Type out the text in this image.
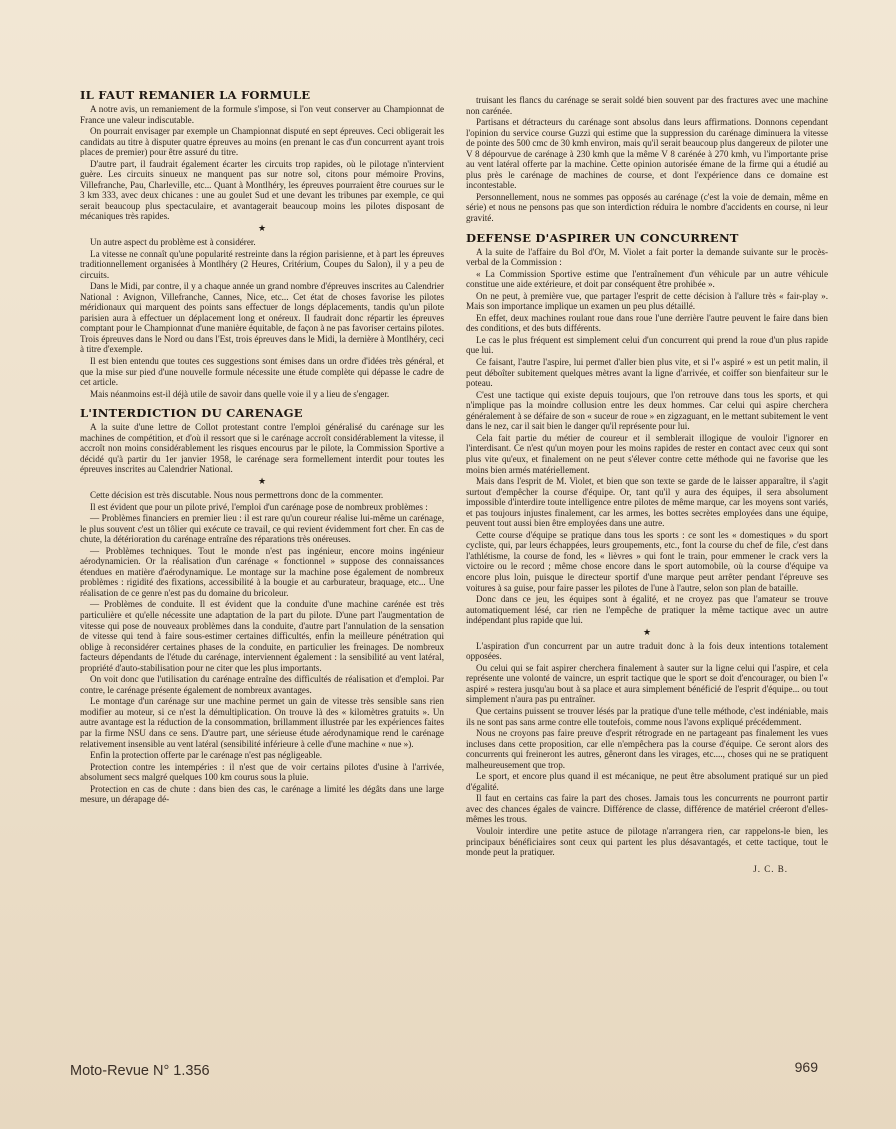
IL FAUT REMANIER LA FORMULE

A notre avis, un remaniement de la formule s'impose, si l'on veut conserver au Championnat de France une valeur indiscutable.

On pourrait envisager par exemple un Championnat disputé en sept épreuves. Ceci obligerait les candidats au titre à disputer quatre épreuves au moins (en prenant le cas d'un concurrent ayant trois places de premier) pour être assuré du titre.

D'autre part, il faudrait également écarter les circuits trop rapides, où le pilotage n'intervient guère. Les circuits sinueux ne manquent pas sur notre sol, citons pour mémoire Provins, Villefranche, Pau, Charleville, etc... Quant à Montlhéry, les épreuves pourraient être courues sur le 3 km 333, avec deux chicanes : une au goulet Sud et une devant les tribunes par exemple, ce qui serait beaucoup plus spectaculaire, et avantagerait beaucoup moins les pilotes disposant de mécaniques très rapides.

★

Un autre aspect du problème est à considérer.

La vitesse ne connaît qu'une popularité restreinte dans la région parisienne, et à part les épreuves traditionnellement organisées à Montlhéry (2 Heures, Critérium, Coupes du Salon), il y a peu de circuits.

Dans le Midi, par contre, il y a chaque année un grand nombre d'épreuves inscrites au Calendrier National : Avignon, Villefranche, Cannes, Nice, etc... Cet état de choses favorise les pilotes méridionaux qui marquent des points sans effectuer de longs déplacements, tandis qu'un pilote parisien aura à effectuer un déplacement long et onéreux. Il faudrait donc répartir les épreuves comptant pour le Championnat d'une manière équitable, de façon à ne pas favoriser certains pilotes. Trois épreuves dans le Nord ou dans l'Est, trois épreuves dans le Midi, la dernière à Montlhéry, ceci à titre d'exemple.

Il est bien entendu que toutes ces suggestions sont émises dans un ordre d'idées très général, et que la mise sur pied d'une nouvelle formule nécessite une étude complète qui dépasse le cadre de cet article.

Mais néanmoins est-il déjà utile de savoir dans quelle voie il y a lieu de s'engager.

L'INTERDICTION DU CARENAGE

A la suite d'une lettre de Collot protestant contre l'emploi généralisé du carénage sur les machines de compétition, et d'où il ressort que si le carénage accroît considérablement la vitesse, il accroît non moins considérablement les risques encourus par le pilote, la Commission Sportive a décidé qu'à partir du 1er janvier 1958, le carénage sera formellement interdit pour toutes les épreuves inscrites au Calendrier National.

★

Cette décision est très discutable. Nous nous permettrons donc de la commenter.

Il est évident que pour un pilote privé, l'emploi d'un carénage pose de nombreux problèmes :

— Problèmes financiers en premier lieu : il est rare qu'un coureur réalise lui-même un carénage, le plus souvent c'est un tôlier qui exécute ce travail, ce qui revient évidemment fort cher. En cas de chute, la détérioration du carénage entraîne des réparations très onéreuses.

— Problèmes techniques. Tout le monde n'est pas ingénieur, encore moins ingénieur aérodynamicien. Or la réalisation d'un carénage « fonctionnel » suppose des connaissances étendues en matière d'aérodynamique. Le montage sur la machine pose également de nombreux problèmes : rigidité des fixations, accessibilité à la bougie et au carburateur, braquage, etc... Une réalisation de ce genre n'est pas du domaine du bricoleur.

— Problèmes de conduite. Il est évident que la conduite d'une machine carénée est très particulière et qu'elle nécessite une adaptation de la part du pilote. D'une part l'augmentation de vitesse qui pose de nouveaux problèmes dans la conduite, d'autre part l'annulation de la sensation de vitesse qui tend à faire sous-estimer certaines difficultés, enfin la meilleure pénétration qui oblige à reconsidérer certaines phases de la conduite, en particulier les freinages. De nombreux facteurs dépendants de l'étude du carénage, interviennent également : la sensibilité au vent latéral, propriété d'auto-stabilisation pour ne citer que les plus importants.

On voit donc que l'utilisation du carénage entraîne des difficultés de réalisation et d'emploi. Par contre, le carénage présente également de nombreux avantages.

Le montage d'un carénage sur une machine permet un gain de vitesse très sensible sans rien modifier au moteur, si ce n'est la démultiplication. On trouve là des « kilomètres gratuits ». Un autre avantage est la réduction de la consommation, brillamment illustrée par les expériences faites par la firme NSU dans ce sens. D'autre part, une sérieuse étude aérodynamique rend le carénage relativement insensible au vent latéral (sensibilité inférieure à celle d'une machine « nue »).

Enfin la protection offerte par le carénage n'est pas négligeable.

Protection contre les intempéries : il n'est que de voir certains pilotes d'usine à l'arrivée, absolument secs malgré quelques 100 km courus sous la pluie.

Protection en cas de chute : dans bien des cas, le carénage a limité les dégâts dans une large mesure, un dérapage dé-

truisant les flancs du carénage se serait soldé bien souvent par des fractures avec une machine non carénée.

Partisans et détracteurs du carénage sont absolus dans leurs affirmations. Donnons cependant l'opinion du service course Guzzi qui estime que la suppression du carénage diminuera la vitesse de pointe des 500 cmc de 30 kmh environ, mais qu'il serait beaucoup plus dangereux de piloter une V 8 dépourvue de carénage à 230 kmh que la même V 8 carénée à 270 kmh, vu l'importante prise au vent latéral offerte par la machine. Cette opinion autorisée émane de la firme qui a étudié au plus près le carénage de machines de course, et dont l'expérience dans ce domaine est incontestable.

Personnellement, nous ne sommes pas opposés au carénage (c'est la voie de demain, même en série) et nous ne pensons pas que son interdiction réduira le nombre d'accidents en course, ni leur gravité.

DEFENSE D'ASPIRER UN CONCURRENT

A la suite de l'affaire du Bol d'Or, M. Violet a fait porter la demande suivante sur le procès-verbal de la Commission :

« La Commission Sportive estime que l'entraînement d'un véhicule par un autre véhicule constitue une aide extérieure, et doit par conséquent être prohibée ».

On ne peut, à première vue, que partager l'esprit de cette décision à l'allure très « fair-play ». Mais son importance implique un examen un peu plus détaillé.

En effet, deux machines roulant roue dans roue l'une derrière l'autre peuvent le faire dans bien des conditions, et des buts différents.

Le cas le plus fréquent est simplement celui d'un concurrent qui prend la roue d'un plus rapide que lui.

Ce faisant, l'autre l'aspire, lui permet d'aller bien plus vite, et si l'« aspiré » est un petit malin, il peut déboîter subitement quelques mètres avant la ligne d'arrivée, et coiffer son bienfaiteur sur le poteau.

C'est une tactique qui existe depuis toujours, que l'on retrouve dans tous les sports, et qui n'implique pas la moindre collusion entre les deux hommes. Car celui qui aspire cherchera généralement à se défaire de son « suceur de roue » en zigzaguant, en le mettant subitement le vent dans le nez, car il sait bien le danger qu'il représente pour lui.

Cela fait partie du métier de coureur et il semblerait illogique de vouloir l'ignorer en l'interdisant. Ce n'est qu'un moyen pour les moins rapides de rester en contact avec ceux qui sont plus vite qu'eux, et finalement on ne peut s'élever contre cette méthode qui ne favorise que les moins bien armés matériellement.

Mais dans l'esprit de M. Violet, et bien que son texte se garde de le laisser apparaître, il s'agit surtout d'empêcher la course d'équipe. Or, tant qu'il y aura des équipes, il sera absolument impossible d'interdire toute intelligence entre pilotes de même marque, car les moyens sont variés, et pas toujours injustes finalement, car les armes, les bottes secrètes employées dans une équipe, peuvent tout aussi bien être employées dans une autre.

Cette course d'équipe se pratique dans tous les sports : ce sont les « domestiques » du sport cycliste, qui, par leurs échappées, leurs groupements, etc., font la course du chef de file, c'est dans l'athlétisme, la course de fond, les « lièvres » qui font le train, pour emmener le crack vers la victoire ou le record ; même chose encore dans le sport automobile, où la course d'équipe va encore plus loin, puisque le directeur sportif d'une marque peut arrêter pendant l'épreuve ses voitures à sa guise, pour faire passer les pilotes de l'une à l'autre, selon son plan de bataille.

Donc dans ce jeu, les équipes sont à égalité, et ne croyez pas que l'amateur se trouve automatiquement lésé, car rien ne l'empêche de pratiquer la même tactique avec un autre indépendant plus rapide que lui.

★

L'aspiration d'un concurrent par un autre traduit donc à la fois deux intentions totalement opposées.

Ou celui qui se fait aspirer cherchera finalement à sauter sur la ligne celui qui l'aspire, et cela représente une volonté de vaincre, un esprit tactique que le sport se doit d'encourager, ou bien l'« aspiré » restera jusqu'au bout à sa place et aura simplement bénéficié de l'esprit d'équipe... ou tout simplement n'aura pas pu entraîner.

Que certains puissent se trouver lésés par la pratique d'une telle méthode, c'est indéniable, mais ils ne sont pas sans arme contre elle toutefois, comme nous l'avons expliqué précédemment.

Nous ne croyons pas faire preuve d'esprit rétrograde en ne partageant pas finalement les vues incluses dans cette proposition, car elle n'empêchera pas la course d'équipe. Ce seront alors des concurrents qui freineront les autres, gêneront dans les virages, etc...., choses qui ne se pratiquent malheureusement que trop.

Le sport, et encore plus quand il est mécanique, ne peut être absolument pratiqué sur un pied d'égalité.

Il faut en certains cas faire la part des choses. Jamais tous les concurrents ne pourront partir avec des chances égales de vaincre. Différence de classe, différence de matériel créeront d'elles-mêmes les trous.

Vouloir interdire une petite astuce de pilotage n'arrangera rien, car rappelons-le bien, les principaux bénéficiaires sont ceux qui partent les plus désavantagés, et cette tactique, tout le monde peut la pratiquer.

J. C. B.
Moto-Revue N° 1.356	969
